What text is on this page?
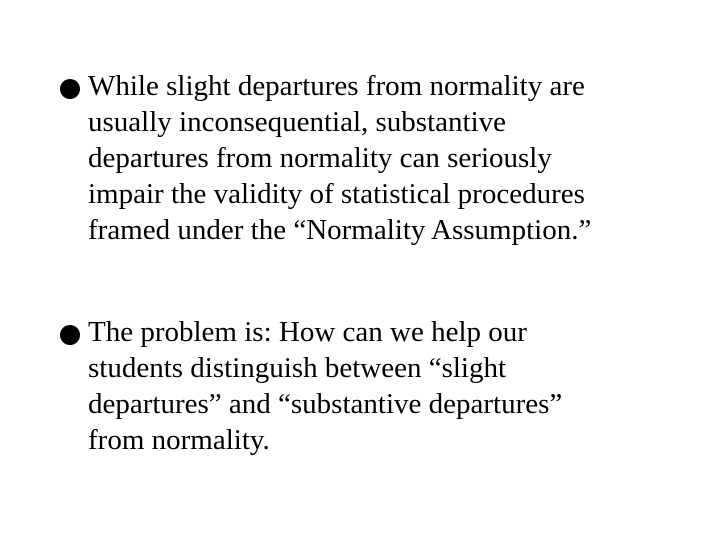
While slight departures from normality are
usually inconsequential, substantive
departures from normality can seriously
impair the validity of statistical procedures
framed under the “Normality Assumption.”
The problem is: How can we help our
students distinguish between “slight
departures” and “substantive departures”
from normality.
